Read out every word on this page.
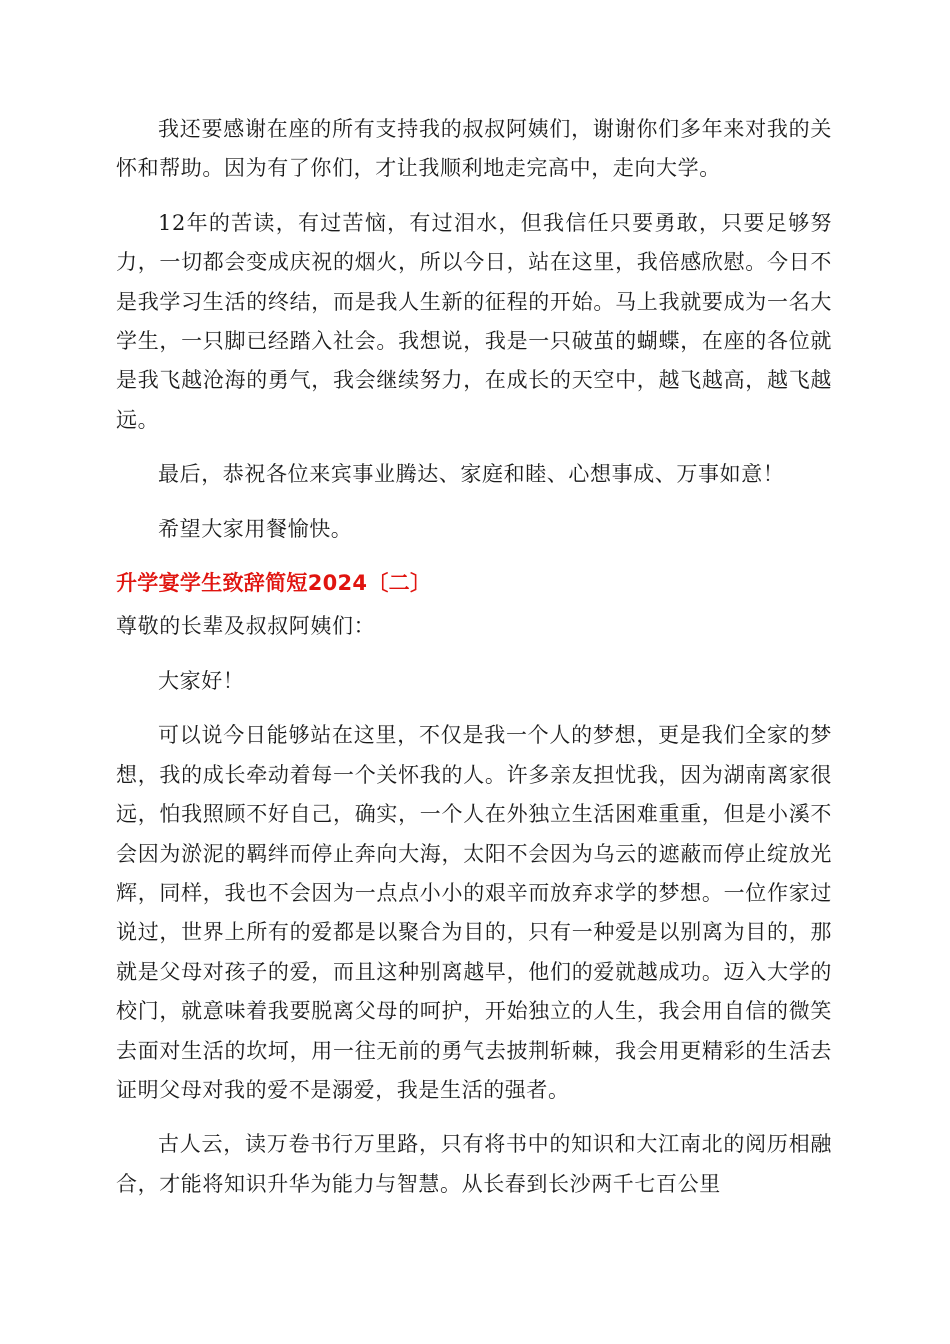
我还要感谢在座的所有支持我的叔叔阿姨们，谢谢你们多年来对我的关怀和帮助。因为有了你们，才让我顺利地走完高中，走向大学。

12年的苦读，有过苦恼，有过泪水，但我信任只要勇敢，只要足够努力，一切都会变成庆祝的烟火，所以今日，站在这里，我倍感欣慰。今日不是我学习生活的终结，而是我人生新的征程的开始。马上我就要成为一名大学生，一只脚已经踏入社会。我想说，我是一只破茧的蝴蝶，在座的各位就是我飞越沧海的勇气，我会继续努力，在成长的天空中，越飞越高，越飞越远。

最后，恭祝各位来宾事业腾达、家庭和睦、心想事成、万事如意！

希望大家用餐愉快。

升学宴学生致辞简短2024〔二〕

尊敬的长辈及叔叔阿姨们：

大家好！

可以说今日能够站在这里，不仅是我一个人的梦想，更是我们全家的梦想，我的成长牵动着每一个关怀我的人。许多亲友担忧我，因为湖南离家很远，怕我照顾不好自己，确实，一个人在外独立生活困难重重，但是小溪不会因为淤泥的羁绊而停止奔向大海，太阳不会因为乌云的遮蔽而停止绽放光辉，同样，我也不会因为一点点小小的艰辛而放弃求学的梦想。一位作家过说过，世界上所有的爱都是以聚合为目的，只有一种爱是以别离为目的，那就是父母对孩子的爱，而且这种别离越早，他们的爱就越成功。迈入大学的校门，就意味着我要脱离父母的呵护，开始独立的人生，我会用自信的微笑去面对生活的坎坷，用一往无前的勇气去披荆斩棘，我会用更精彩的生活去证明父母对我的爱不是溺爱，我是生活的强者。

古人云，读万卷书行万里路，只有将书中的知识和大江南北的阅历相融合，才能将知识升华为能力与智慧。从长春到长沙两千七百公里
